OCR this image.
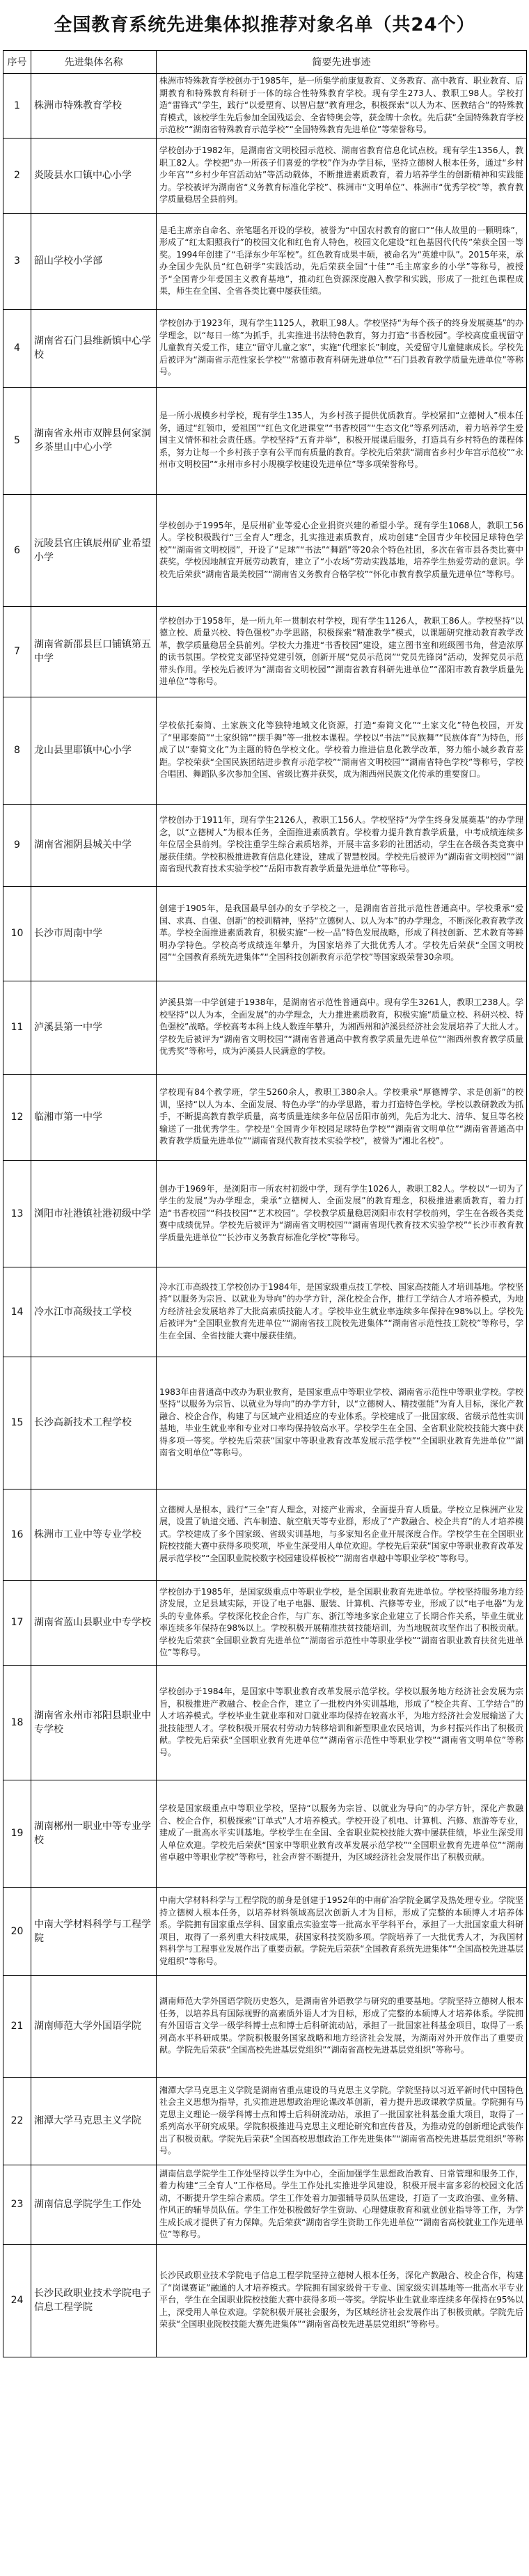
全国教育系统先进集体拟推荐对象名单（共24个）
序号	先进集体名称	简要先进事迹
1	株洲市特殊教育学校	株洲市特殊教育学校创办于1985年，是一所集学前康复教育、义务教育、高中教育、职业教育、后期教育和特殊教育科研于一体的综合性特殊教育学校。现有学生273人、教职工98人。学校打造“雷锋式”学生，践行“以爱塑育、以智启慧”教育理念，积极探索“以人为本、医教结合”的特殊教育模式，该校学生先后参加全国残运会、全省特奥会等，获金牌十余枚。先后获“全国特殊教育学校示范校”“湖南省特殊教育示范学校”“全国特殊教育先进单位”等荣誉称号。
2	炎陵县水口镇中心小学	学校创办于1982年，是湖南省文明校园示范校、湖南省教育信息化试点校。现有学生1356人，教职工82人。学校把“办一所孩子们喜爱的学校”作为办学目标，坚持立德树人根本任务，通过“乡村少年宫”“乡村少年宫活动站”等活动载体，不断推进素质教育，着力培养学生的创新精神和实践能力。学校被评为湖南省“义务教育标准化学校”、株洲市“文明单位”、株洲市“优秀学校”等，教育教学质量稳居全县前列。
3	韶山学校小学部	是毛主席亲自命名、亲笔题名开设的学校，被誉为“中国农村教育的窗口”“伟人故里的一颗明珠”，形成了“红太阳照我行”的校园文化和红色育人特色，校园文化建设“红色基因代代传”荣获全国一等奖。1994年创建了“毛泽东少年军校”。红色教育成果丰硕，被命名为“英雄中队”。2015年来，承办全国少先队员“红色研学”实践活动，先后荣获全国“十佳”“毛主席家乡的小学”等称号，被授予“全国青少年爱国主义教育基地”，推动红色资源深度融入教学和实践，形成了一批红色课程成果，师生在全国、全省各类比赛中屡获佳绩。
4	湖南省石门县维新镇中心学校	学校创办于1923年，现有学生1125人，教职工98人。学校坚持“为每个孩子的终身发展奠基”的办学理念，以“每日一练”为抓手，扎实推进书法特色教育，努力打造“书香校园”。学校高度重视留守儿童教育关爱工作，建立“留守儿童之家”，实施“代理家长”制度，关爱留守儿童健康成长。学校先后被评为“湖南省示范性家长学校”“常德市教育科研先进单位”“石门县教育教学质量先进单位”等称号。
5	湖南省永州市双牌县何家洞乡茶里山中心小学	是一所小规模乡村学校，现有学生135人，为乡村孩子提供优质教育。学校紧扣“立德树人”根本任务，通过“红领巾，爱祖国”“红色文化进课堂”“书香校园”“生态文化”等系列活动，着力培养学生爱国主义情怀和社会责任感。学校坚持“五育并举”，积极开展课后服务，打造具有乡村特色的课程体系，努力让每一个乡村孩子享有公平而有质量的教育。学校先后荣获“湖南省乡村少年宫示范校”“永州市文明校园”“永州市乡村小规模学校建设先进单位”等多项荣誉称号。
6	沅陵县官庄镇辰州矿业希望小学	学校创办于1995年，是辰州矿业等爱心企业捐资兴建的希望小学。现有学生1068人，教职工56人。学校积极践行“三全育人”理念，扎实推进素质教育，成功创建“全国青少年校园足球特色学校”“湖南省文明校园”，开设了“足球”“书法”“舞蹈”等20余个特色社团，多次在省市县各类比赛中获奖。学校因地制宜开展劳动教育，建立了“小农场”劳动实践基地，培养学生热爱劳动的意识。学校先后荣获“湖南省最美校园”“湖南省义务教育合格学校”“怀化市教育教学质量先进单位”等称号。
7	湖南省新邵县巨口铺镇第五中学	学校创办于1958年，是一所九年一贯制农村学校，现有学生1126人，教职工86人。学校坚持“以德立校、质量兴校、特色强校”办学思路，积极探索“精准教学”模式，以课题研究推动教育教学改革，教学质量稳居全县前列。学校大力推进“书香校园”建设，建立图书室和班级图书角，营造浓厚的读书氛围。学校党支部坚持党建引领，创新开展“党员示范岗”“党员先锋岗”活动，发挥党员示范带头作用。学校先后被评为“湖南省文明校园”“湖南省教育科研先进单位”“邵阳市教育教学质量先进单位”等称号。
8	龙山县里耶镇中心小学	学校依托秦简、土家族文化等独特地域文化资源，打造“秦简文化”“土家文化”特色校园，开发了“里耶秦简”“土家织锦”“摆手舞”等一批校本课程。学校以“书法”“民族舞”“民族体育”为特色，形成了以“秦简文化”为主题的特色学校文化。学校着力推进信息化教学改革，努力缩小城乡教育差距。学校荣获“全国民族团结进步教育示范学校”“湖南省文明校园”“湖南省特色学校”等称号，学校合唱团、舞蹈队多次参加全国、省级比赛并获奖，成为湘西州民族文化传承的重要窗口。
9	湖南省湘阴县城关中学	学校创办于1911年，现有学生2126人，教职工156人。学校坚持“为学生终身发展奠基”的办学理念，以“立德树人”为根本任务，全面推进素质教育。学校着力提升教育教学质量，中考成绩连续多年位居全县前列。学校注重学生综合素质培养，开展丰富多彩的社团活动，学生在各级各类竞赛中屡获佳绩。学校积极推进教育信息化建设，建成了智慧校园。学校先后被评为“湖南省文明校园”“湖南省现代教育技术实验学校”“岳阳市教育教学质量先进单位”等称号。
10	长沙市周南中学	创建于1905年，是我国最早创办的女子学校之一，是湖南省首批示范性普通高中。学校秉承“爱国、求真、自强、创新”的校训精神，坚持“立德树人、以人为本”的办学理念，不断深化教育教学改革。学校全面推进素质教育，积极实施“一校一品”特色发展战略，形成了科技创新、艺术教育等鲜明办学特色。学校高考成绩连年攀升，为国家培养了大批优秀人才。学校先后荣获“全国文明校园”“全国教育系统先进集体”“全国科技创新教育示范学校”等国家级荣誉30余项。
11	泸溪县第一中学	泸溪县第一中学创建于1938年，是湖南省示范性普通高中。现有学生3261人，教职工238人。学校坚持“以人为本，全面发展”的办学理念，大力推进素质教育，积极实施“质量立校、科研兴校、特色强校”战略。学校高考本科上线人数连年攀升，为湘西州和泸溪县经济社会发展培养了大批人才。学校先后被评为“湖南省文明校园”“湖南省普通高中教育教学质量先进单位”“湘西州教育教学质量优秀奖”等称号，成为泸溪县人民满意的学校。
12	临湘市第一中学	学校现有84个教学班，学生5260余人，教职工380余人。学校秉承“厚德博学、求是创新”的校训，坚持“以人为本、全面发展、特色办学”的办学思路，着力打造特色学校。学校以教研教改为抓手，不断提高教育教学质量，高考质量连续多年位居岳阳市前列，先后为北大、清华、复旦等名校输送了一批优秀学生。学校是“全国青少年校园足球特色学校”“湖南省文明单位”“湖南省普通高中教育教学质量先进单位”“湖南省现代教育技术实验学校”，被誉为“湘北名校”。
13	浏阳市社港镇社港初级中学	创办于1969年，是浏阳市一所农村初级中学，现有学生1026人，教职工82人。学校以“一切为了学生的发展”为办学理念，秉承“立德树人、全面发展”的教育理念，积极推进素质教育，着力打造“书香校园”“科技校园”“艺术校园”。学校教学质量稳居浏阳市农村学校前列，学生在各级各类竞赛中成绩优异。学校先后被评为“湖南省文明校园”“湖南省现代教育技术实验学校”“长沙市教育教学质量先进单位”“长沙市义务教育标准化学校”等称号。
14	冷水江市高级技工学校	冷水江市高级技工学校创办于1984年，是国家级重点技工学校、国家高技能人才培训基地。学校坚持“以服务为宗旨、以就业为导向”的办学方针，深化校企合作，推行工学结合人才培养模式，为地方经济社会发展培养了大批高素质技能人才。学校毕业生就业率连续多年保持在98%以上。学校先后被评为“全国职业教育先进单位”“湖南省技工院校先进集体”“湖南省示范性技工院校”等称号，学生在全国、全省技能大赛中屡获佳绩。
15	长沙高新技术工程学校	1983年由普通高中改办为职业教育，是国家重点中等职业学校、湖南省示范性中等职业学校。学校坚持“以服务为宗旨、以就业为导向”的办学方针，以“立德树人、精技强能”为育人目标，深化产教融合、校企合作，构建了与区域产业相适应的专业体系。学校建成了一批国家级、省级示范性实训基地，毕业生就业率和专业对口率均保持较高水平。学校学生在全国、全省职业院校技能大赛中获得多项一等奖。学校先后荣获“国家中等职业教育改革发展示范学校”“全国职业教育先进单位”“湖南省文明单位”等称号。
16	株洲市工业中等专业学校	立德树人是根本，践行“三全”育人理念，对接产业需求，全面提升育人质量。学校立足株洲产业发展，设置了轨道交通、汽车制造、航空航天等专业群，形成了“产教融合、校企共育”的人才培养模式。学校建成了多个国家级、省级实训基地，与多家知名企业开展深度合作。学校学生在全国职业院校技能大赛中获得多项奖项，毕业生深受用人单位欢迎。学校先后荣获“国家中等职业教育改革发展示范学校”“全国职业院校数字校园建设样板校”“湖南省卓越中等职业学校”等称号。
17	湖南省蓝山县职业中专学校	学校创办于1985年，是国家级重点中等职业学校，是全国职业教育先进单位。学校坚持服务地方经济发展，立足县域实际，开设了电子电器、服装、计算机、汽修等专业，形成了以“电子电器”为龙头的专业体系。学校深化校企合作，与广东、浙江等地多家企业建立了长期合作关系，毕业生就业率连续多年保持在98%以上。学校积极开展精准扶贫技能培训，为当地脱贫攻坚作出了积极贡献。学校先后荣获“全国职业教育先进单位”“湖南省示范性中等职业学校”“湖南省职业教育扶贫先进单位”等称号。
18	湖南省永州市祁阳县职业中专学校	学校创办于1984年，是国家中等职业教育改革发展示范学校。学校以服务地方经济社会发展为宗旨，积极推进产教融合、校企合作，建立了一批校内外实训基地，形成了“校企共育、工学结合”的人才培养模式。学校毕业生就业率和对口就业率均保持在较高水平，为地方经济社会发展输送了大批技能型人才。学校积极开展农村劳动力转移培训和新型职业农民培训，为乡村振兴作出了积极贡献。学校先后荣获“全国职业教育先进单位”“湖南省示范性中等职业学校”“湖南省文明单位”等称号。
19	湖南郴州一职业中等专业学校	学校是国家级重点中等职业学校，坚持“以服务为宗旨、以就业为导向”的办学方针，深化产教融合、校企合作，积极探索“订单式”人才培养模式。学校开设了机电、计算机、汽修、旅游等专业，建成了一批高水平实训基地。学校学生在全国、全省职业院校技能大赛中屡获佳绩，毕业生深受用人单位欢迎。学校先后荣获“国家中等职业教育改革发展示范学校”“全国职业教育先进单位”“湖南省卓越中等职业学校”等称号，社会声誉不断提升，为区域经济社会发展作出了积极贡献。
20	中南大学材料科学与工程学院	中南大学材料科学与工程学院的前身是创建于1952年的中南矿冶学院金属学及热处理专业。学院坚持立德树人根本任务，以培养材料领域高层次创新人才为目标，形成了完整的本硕博人才培养体系。学院拥有国家重点学科、国家重点实验室等一批高水平学科平台，承担了一大批国家重大科研项目，取得了一系列重大科技成果，获国家科技奖励多项。学院培养了一大批优秀人才，为我国材料科学与工程事业发展作出了重要贡献。学院先后荣获“全国教育系统先进集体”“全国高校先进基层党组织”等称号。
21	湖南师范大学外国语学院	湖南师范大学外国语学院历史悠久，是湖南省外语教学与研究的重要基地。学院坚持立德树人根本任务，以培养具有国际视野的高素质外语人才为目标，形成了完整的本硕博人才培养体系。学院拥有外国语言文学一级学科博士点和博士后科研流动站，承担了一批国家社科基金项目，取得了一系列高水平科研成果。学院积极服务国家战略和地方经济社会发展，为湖南对外开放作出了重要贡献。学院先后荣获“全国高校先进基层党组织”“湖南省高校先进基层党组织”等称号。
22	湘潭大学马克思主义学院	湘潭大学马克思主义学院是湖南省重点建设的马克思主义学院。学院坚持以习近平新时代中国特色社会主义思想为指导，扎实推进思想政治理论课改革创新，着力提升思政课教学质量。学院拥有马克思主义理论一级学科博士点和博士后科研流动站，承担了一批国家社科基金重大项目，取得了一系列高水平研究成果。学院积极推进马克思主义理论研究和宣传普及，为推动党的创新理论武装作出了积极贡献。学院先后荣获“全国高校思想政治工作先进集体”“湖南省高校先进基层党组织”等称号。
23	湖南信息学院学生工作处	湖南信息学院学生工作处坚持以学生为中心，全面加强学生思想政治教育、日常管理和服务工作，着力构建“三全育人”工作格局。学生工作处扎实推进学风建设，积极开展丰富多彩的校园文化活动，不断提升学生综合素质。学生工作处着力加强辅导员队伍建设，打造了一支政治强、业务精、作风正的辅导员队伍。学生工作处积极做好学生资助、心理健康教育和就业创业指导等工作，为学生成长成才提供了有力保障。先后荣获“湖南省学生资助工作先进单位”“湖南省高校就业工作先进单位”等称号。
24	长沙民政职业技术学院电子信息工程学院	长沙民政职业技术学院电子信息工程学院坚持立德树人根本任务，深化产教融合、校企合作，构建了“岗课赛证”融通的人才培养模式。学院拥有国家级骨干专业、国家级实训基地等一批高水平专业平台，学生在全国职业院校技能大赛中获得多项一等奖。学院毕业生就业率连续多年保持在95%以上，深受用人单位欢迎。学院积极开展社会服务，为区域经济社会发展作出了积极贡献。学院先后荣获“全国职业院校技能大赛先进集体”“湖南省高校先进基层党组织”等称号。
